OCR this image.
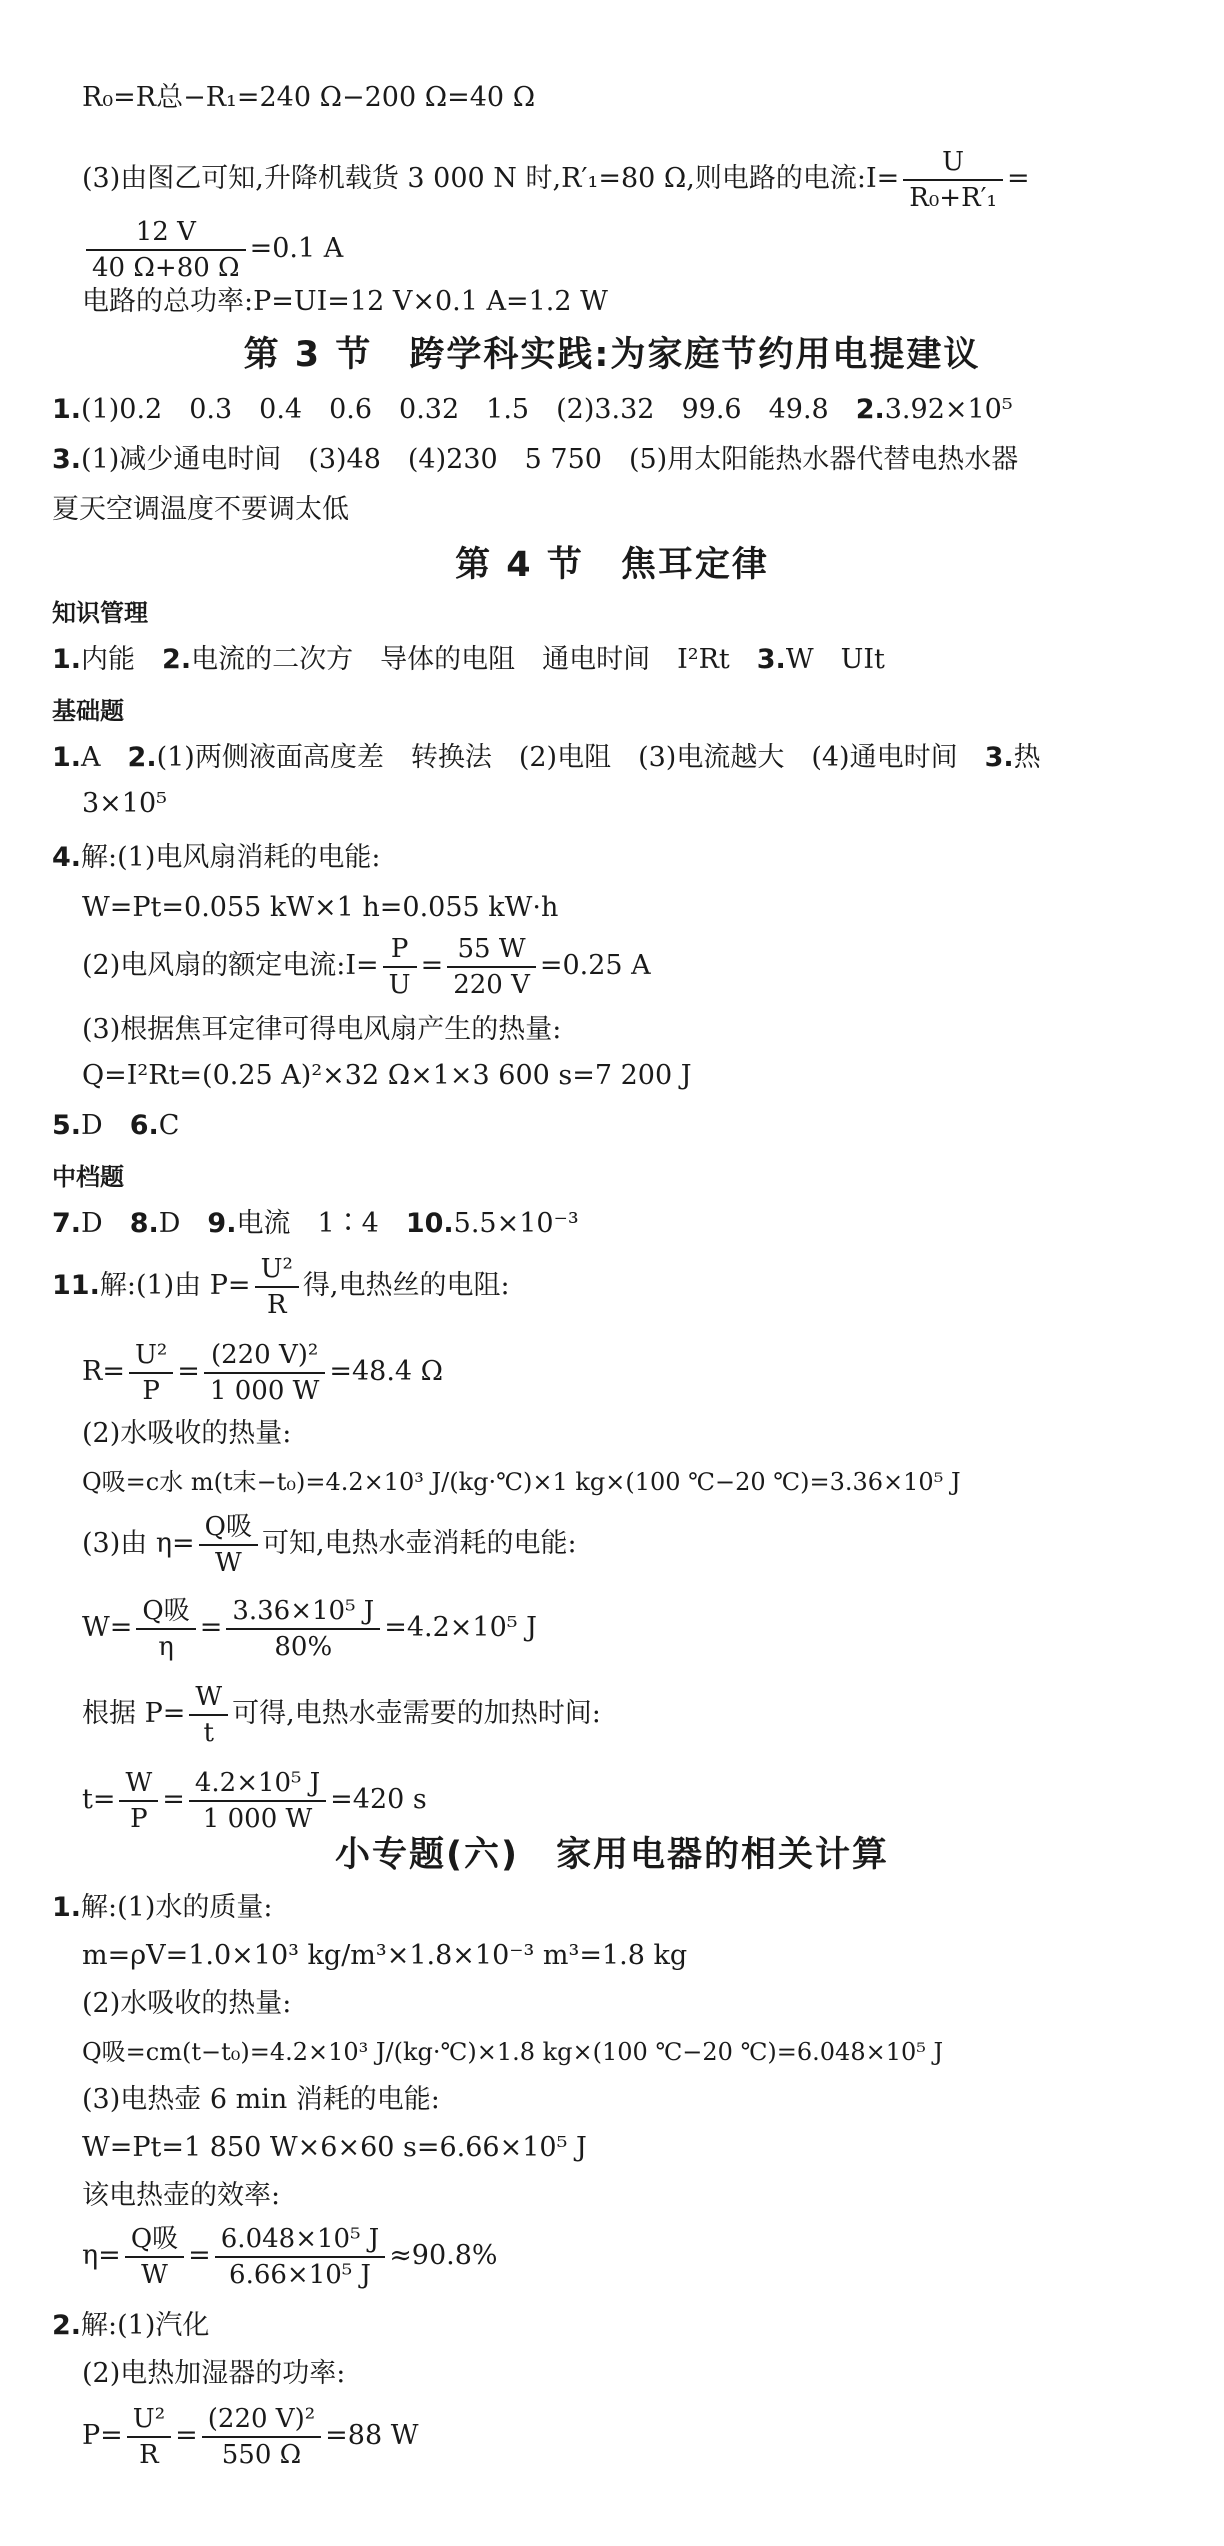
R₀=R总−R₁=240 Ω−200 Ω=40 Ω
(3)由图乙可知,升降机载货 3 000 N 时,R′₁=80 Ω,则电路的电流:I= $\frac{U}{\text{R₀+R′₁}}$ =
$\frac{12 V}{40 \Omega+80 \Omega} =0.1$ A
电路的总功率:P=UI=12 V×0.1 A=1.2 W
第 3 节　跨学科实践:为家庭节约用电提建议
1.(1)0.2　0.3　0.4　0.6　0.32　1.5　(2)3.32　99.6　49.8　2.3.92×10⁵
3.(1)减少通电时间　(3)48　(4)230　5 750　(5)用太阳能热水器代替电热水器
夏天空调温度不要调太低
第 4 节　焦耳定律
知识管理
1.内能　2.电流的二次方　导体的电阻　通电时间　I²Rt　3.W　UIt
基础题
1.A　2.(1)两侧液面高度差　转换法　(2)电阻　(3)电流越大　(4)通电时间　3.热
3×10⁵
4.解:(1)电风扇消耗的电能:
W=Pt=0.055 kW×1 h=0.055 kW·h
(2)电风扇的额定电流:I= $\frac{P}{U} = \frac{55 W}{220 V} =0.25$ A
(3)根据焦耳定律可得电风扇产生的热量:
Q=I²Rt=(0.25 A)²×32 Ω×1×3 600 s=7 200 J
5.D　6.C
中档题
7.D　8.D　9.电流　1∶4　10.5.5×10⁻³
11.解:(1)由 $P= \frac{\text{U²}}{R}$ 得,电热丝的电阻:
$R= \frac{\text{U²}}{P} = \frac{\text{(220 V)²}}{1 000 W} =48.4$ Ω
(2)水吸收的热量:
Q吸=c水 m(t末−t₀)=4.2×10³ J/(kg·℃)×1 kg×(100 ℃−20 ℃)=3.36×10⁵ J
(3)由 $\eta= \frac{\text{Q吸}}{W}$ 可知,电热水壶消耗的电能:
$W= \frac{\text{Q吸}}{\eta} = \frac{\text{3.36×10⁵ J}}{80\%} =4.2\times 10^5$ J
根据 $P= \frac{W}{t}$ 可得,电热水壶需要的加热时间:
$t= \frac{W}{P} = \frac{\text{4.2×10⁵ J}}{1 000 W} =420$ s
小专题(六)　家用电器的相关计算
1.解:(1)水的质量:
m=ρV=1.0×10³ kg/m³×1.8×10⁻³ m³=1.8 kg
(2)水吸收的热量:
Q吸=cm(t−t₀)=4.2×10³ J/(kg·℃)×1.8 kg×(100 ℃−20 ℃)=6.048×10⁵ J
(3)电热壶 6 min 消耗的电能:
W=Pt=1 850 W×6×60 s=6.66×10⁵ J
该电热壶的效率:
$\eta= \frac{\text{Q吸}}{W} = \frac{\text{6.048×10⁵ J}}{\text{6.66×10⁵ J}} \approx 90.8\%$
2.解:(1)汽化
(2)电热加湿器的功率:
$P= \frac{\text{U²}}{R} = \frac{\text{(220 V)²}}{550 \Omega} =88$ W
